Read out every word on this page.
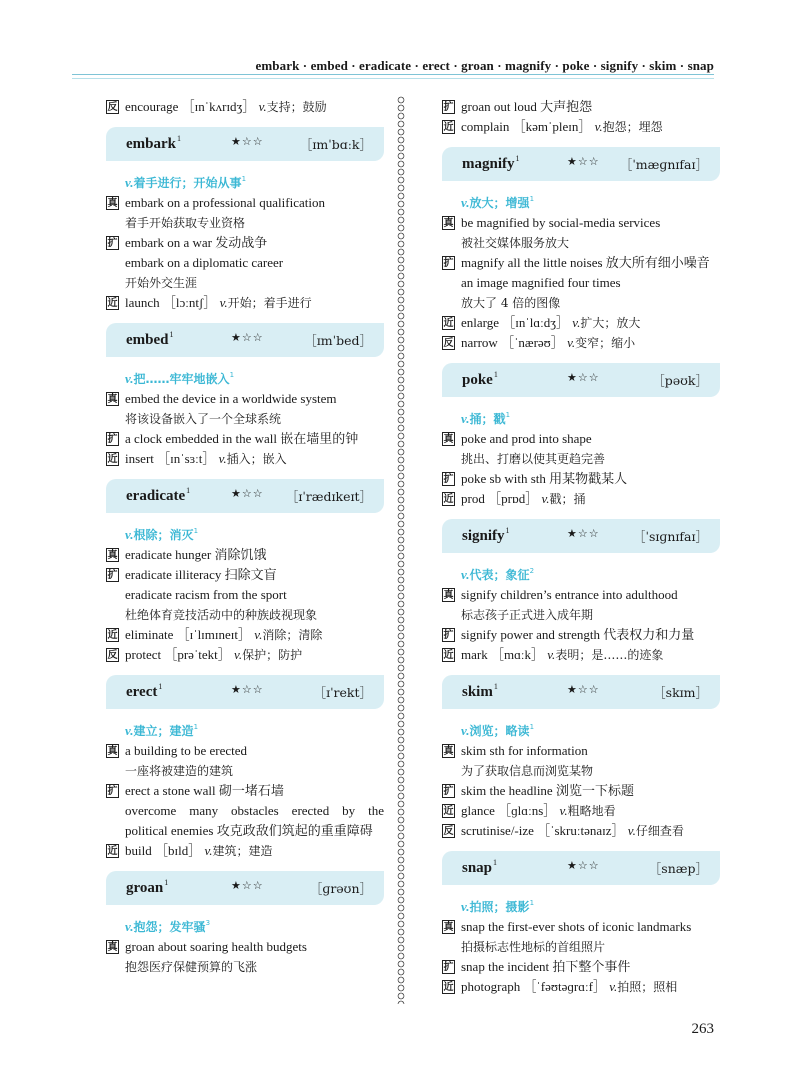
embark · embed · eradicate · erect · groan · magnify · poke · signify · skim · snap
反 encourage ［ɪnˈkʌrɪdʒ］ v.支持；鼓励
embark$^1$	★☆☆	［ɪmˈbɑːk］
v.着手进行；开始从事$^1$
真 embark on a professional qualification
着手开始获取专业资格
扩 embark on a war 发动战争
embark on a diplomatic career
开始外交生涯
近 launch ［lɔːntʃ］ v.开始；着手进行
embed$^1$	★☆☆	［ɪmˈbed］
v.把……牢牢地嵌入$^1$
真 embed the device in a worldwide system
将该设备嵌入了一个全球系统
扩 a clock embedded in the wall 嵌在墙里的钟
近 insert ［ɪnˈsɜːt］ v.插入；嵌入
eradicate$^1$	★☆☆ ［ɪˈrædɪkeɪt］
v.根除；消灭$^1$
真 eradicate hunger 消除饥饿
扩 eradicate illiteracy 扫除文盲
eradicate racism from the sport
杜绝体育竞技活动中的种族歧视现象
近 eliminate ［ɪˈlɪmɪneɪt］ v.消除；清除
反 protect ［prəˈtekt］ v.保护；防护
erect$^1$	★☆☆	［ɪˈrekt］
v.建立；建造$^1$
真 a building to be erected
一座将被建造的建筑
扩 erect a stone wall 砌一堵石墙
overcome many obstacles erected by the
political enemies 攻克政敌们筑起的重重障碍
近 build ［bɪld］ v.建筑；建造
groan$^1$	★☆☆	［ɡrəʊn］
v.抱怨；发牢骚$^3$
真 groan about soaring health budgets
抱怨医疗保健预算的飞涨
扩 groan out loud 大声抱怨
近 complain ［kəmˈpleɪn］ v.抱怨；埋怨
magnify$^1$	★☆☆ ［ˈmæɡnɪfaɪ］
v.放大；增强$^1$
真 be magnified by social-media services
被社交媒体服务放大
扩 magnify all the little noises 放大所有细小噪音
an image magnified four times
放大了 4 倍的图像
近 enlarge ［ɪnˈlɑːdʒ］ v.扩大；放大
反 narrow ［ˈnærəʊ］ v.变窄；缩小
poke$^1$	★☆☆	［pəʊk］
v.捅；戳$^1$
真 poke and prod into shape
挑出、打磨以使其更趋完善
扩 poke sb with sth 用某物戳某人
近 prod ［prɒd］ v.戳；捅
signify$^1$	★☆☆	［ˈsɪɡnɪfaɪ］
v.代表；象征$^2$
真 signify children’s entrance into adulthood
标志孩子正式进入成年期
扩 signify power and strength 代表权力和力量
近 mark ［mɑːk］ v.表明；是……的迹象
skim$^1$	★☆☆	［skɪm］
v.浏览；略读$^1$
真 skim sth for information
为了获取信息而浏览某物
扩 skim the headline 浏览一下标题
近 glance ［ɡlɑːns］ v.粗略地看
反 scrutinise/-ize ［ˈskruːtənaɪz］ v.仔细查看
snap$^1$	★☆☆	［snæp］
v.拍照；摄影$^1$
真 snap the first-ever shots of iconic landmarks
拍摄标志性地标的首组照片
扩 snap the incident 拍下整个事件
近 photograph ［ˈfəʊtəɡrɑːf］ v.拍照；照相
263
